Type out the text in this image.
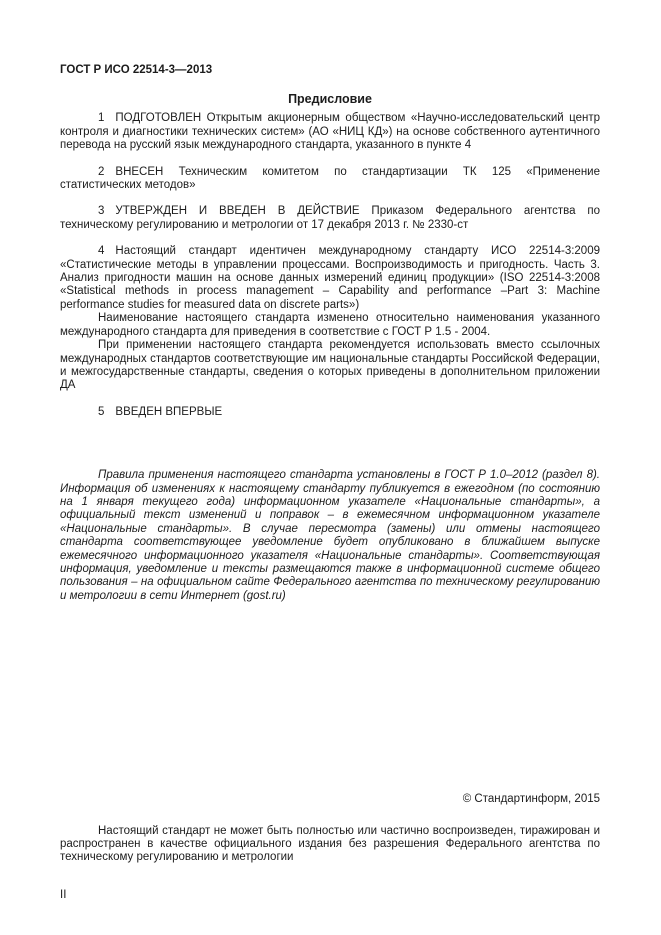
ГОСТ Р ИСО 22514-3—2013
Предисловие

1 ПОДГОТОВЛЕН Открытым акционерным обществом «Научно-исследовательский центр контроля и диагностики технических систем» (АО «НИЦ КД») на основе собственного аутентичного перевода на русский язык международного стандарта, указанного в пункте 4

2 ВНЕСЕН Техническим комитетом по стандартизации ТК 125 «Применение статистических методов»

3 УТВЕРЖДЕН И ВВЕДЕН В ДЕЙСТВИЕ Приказом Федерального агентства по техническому регулированию и метрологии от 17 декабря 2013 г. № 2330-ст

4 Настоящий стандарт идентичен международному стандарту ИСО 22514-3:2009 «Статистические методы в управлении процессами. Воспроизводимость и пригодность. Часть 3. Анализ пригодности машин на основе данных измерений единиц продукции» (ISO 22514-3:2008 «Statistical methods in process management – Capability and performance –Part 3: Machine performance studies for measured data on discrete parts»)

Наименование настоящего стандарта изменено относительно наименования указанного международного стандарта для приведения в соответствие с ГОСТ Р 1.5 - 2004.

При применении настоящего стандарта рекомендуется использовать вместо ссылочных международных стандартов соответствующие им национальные стандарты Российской Федерации, и межгосударственные стандарты, сведения о которых приведены в дополнительном приложении ДА

5 ВВЕДЕН ВПЕРВЫЕ

Правила применения настоящего стандарта установлены в ГОСТ Р 1.0–2012 (раздел 8). Информация об изменениях к настоящему стандарту публикуется в ежегодном (по состоянию на 1 января текущего года) информационном указателе «Национальные стандарты», а официальный текст изменений и поправок – в ежемесячном информационном указателе «Национальные стандарты». В случае пересмотра (замены) или отмены настоящего стандарта соответствующее уведомление будет опубликовано в ближайшем выпуске ежемесячного информационного указателя «Национальные стандарты». Соответствующая информация, уведомление и тексты размещаются также в информационной системе общего пользования – на официальном сайте Федерального агентства по техническому регулированию и метрологии в сети Интернет (gost.ru)

© Стандартинформ, 2015

Настоящий стандарт не может быть полностью или частично воспроизведен, тиражирован и распространен в качестве официального издания без разрешения Федерального агентства по техническому регулированию и метрологии

II
